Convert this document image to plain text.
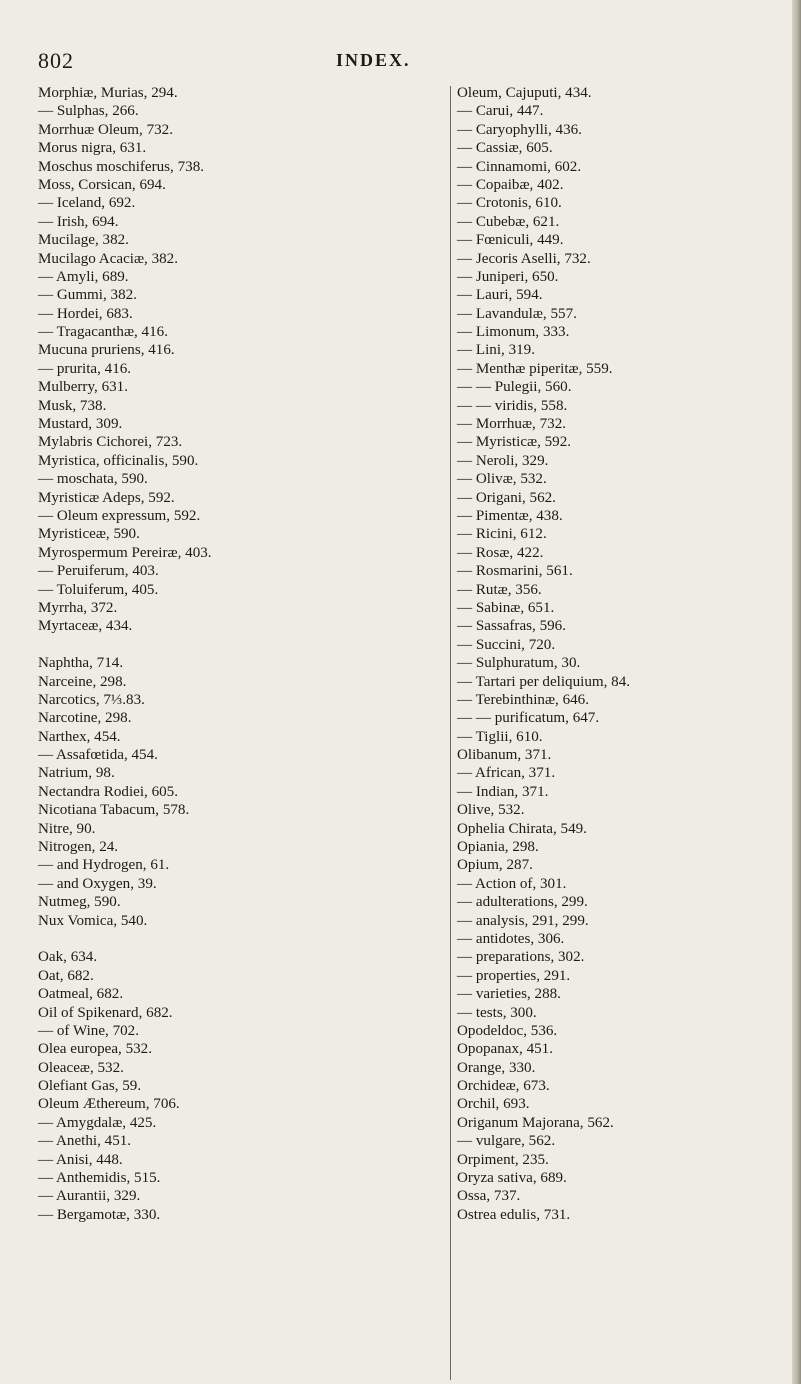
802	INDEX.
Morphiæ, Murias, 294.
— Sulphas, 266.
Morrhuæ Oleum, 732.
Morus nigra, 631.
Moschus moschiferus, 738.
Moss, Corsican, 694.
— Iceland, 692.
— Irish, 694.
Mucilage, 382.
Mucilago Acaciæ, 382.
— Amyli, 689.
— Gummi, 382.
— Hordei, 683.
— Tragacanthæ, 416.
Mucuna pruriens, 416.
— prurita, 416.
Mulberry, 631.
Musk, 738.
Mustard, 309.
Mylabris Cichorei, 723.
Myristica, officinalis, 590.
— moschata, 590.
Myristicæ Adeps, 592.
— Oleum expressum, 592.
Myristiceæ, 590.
Myrospermum Pereiræ, 403.
— Peruiferum, 403.
— Toluiferum, 405.
Myrrha, 372.
Myrtaceæ, 434.
Naphtha, 714.
Narceine, 298.
Narcotics, 7⅓.83.
Narcotine, 298.
Narthex, 454.
— Assafœtida, 454.
Natrium, 98.
Nectandra Rodiei, 605.
Nicotiana Tabacum, 578.
Nitre, 90.
Nitrogen, 24.
— and Hydrogen, 61.
— and Oxygen, 39.
Nutmeg, 590.
Nux Vomica, 540.
Oak, 634.
Oat, 682.
Oatmeal, 682.
Oil of Spikenard, 682.
— of Wine, 702.
Olea europea, 532.
Oleaceæ, 532.
Olefiant Gas, 59.
Oleum Æthereum, 706.
— Amygdalæ, 425.
— Anethi, 451.
— Anisi, 448.
— Anthemidis, 515.
— Aurantii, 329.
— Bergamotæ, 330.
Oleum, Cajuputi, 434.
— Carui, 447.
— Caryophylli, 436.
— Cassiæ, 605.
— Cinnamomi, 602.
— Copaibæ, 402.
— Crotonis, 610.
— Cubebæ, 621.
— Fœniculi, 449.
— Jecoris Aselli, 732.
— Juniperi, 650.
— Lauri, 594.
— Lavandulæ, 557.
— Limonum, 333.
— Lini, 319.
— Menthæ piperitæ, 559.
— — Pulegii, 560.
— — viridis, 558.
— Morrhuæ, 732.
— Myristicæ, 592.
— Neroli, 329.
— Olivæ, 532.
— Origani, 562.
— Pimentæ, 438.
— Ricini, 612.
— Rosæ, 422.
— Rosmarini, 561.
— Rutæ, 356.
— Sabinæ, 651.
— Sassafras, 596.
— Succini, 720.
— Sulphuratum, 30.
— Tartari per deliquium, 84.
— Terebinthinæ, 646.
— — purificatum, 647.
— Tiglii, 610.
Olibanum, 371.
— African, 371.
— Indian, 371.
Olive, 532.
Ophelia Chirata, 549.
Opiania, 298.
Opium, 287.
— Action of, 301.
— adulterations, 299.
— analysis, 291, 299.
— antidotes, 306.
— preparations, 302.
— properties, 291.
— varieties, 288.
— tests, 300.
Opodeldoc, 536.
Opopanax, 451.
Orange, 330.
Orchideæ, 673.
Orchil, 693.
Origanum Majorana, 562.
— vulgare, 562.
Orpiment, 235.
Oryza sativa, 689.
Ossa, 737.
Ostrea edulis, 731.
